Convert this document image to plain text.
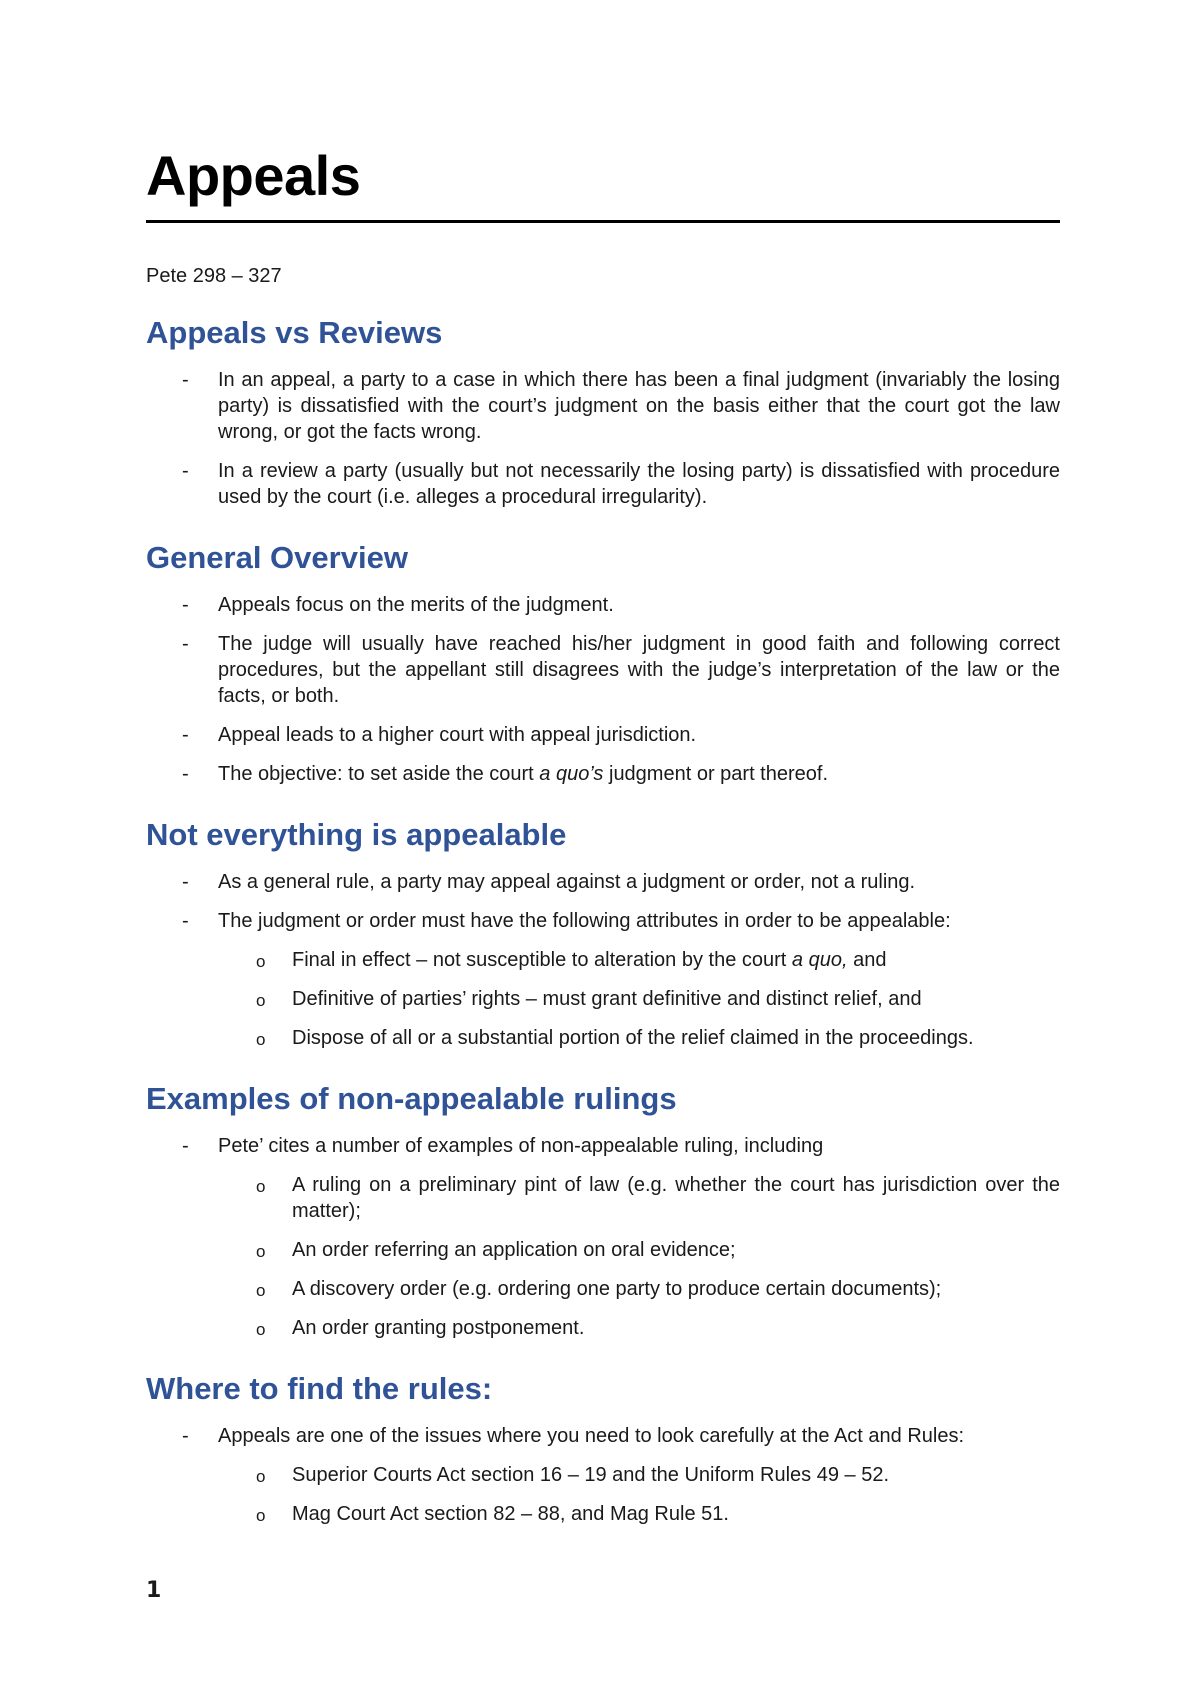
Appeals

Pete 298 – 327

Appeals vs Reviews
- In an appeal, a party to a case in which there has been a final judgment (invariably the losing party) is dissatisfied with the court’s judgment on the basis either that the court got the law wrong, or got the facts wrong.
- In a review a party (usually but not necessarily the losing party) is dissatisfied with procedure used by the court (i.e. alleges a procedural irregularity).
General Overview
- Appeals focus on the merits of the judgment.
- The judge will usually have reached his/her judgment in good faith and following correct procedures, but the appellant still disagrees with the judge’s interpretation of the law or the facts, or both.
- Appeal leads to a higher court with appeal jurisdiction.
- The objective: to set aside the court a quo’s judgment or part thereof.
Not everything is appealable
- As a general rule, a party may appeal against a judgment or order, not a ruling.
- The judgment or order must have the following attributes in order to be appealable:
o Final in effect – not susceptible to alteration by the court a quo, and
o Definitive of parties’ rights – must grant definitive and distinct relief, and
o Dispose of all or a substantial portion of the relief claimed in the proceedings.
Examples of non-appealable rulings
- Pete’ cites a number of examples of non-appealable ruling, including
o A ruling on a preliminary pint of law (e.g. whether the court has jurisdiction over the matter);
o An order referring an application on oral evidence;
o A discovery order (e.g. ordering one party to produce certain documents);
o An order granting postponement.
Where to find the rules:
- Appeals are one of the issues where you need to look carefully at the Act and Rules:
o Superior Courts Act section 16 – 19 and the Uniform Rules 49 – 52.
o Mag Court Act section 82 – 88, and Mag Rule 51.
1
